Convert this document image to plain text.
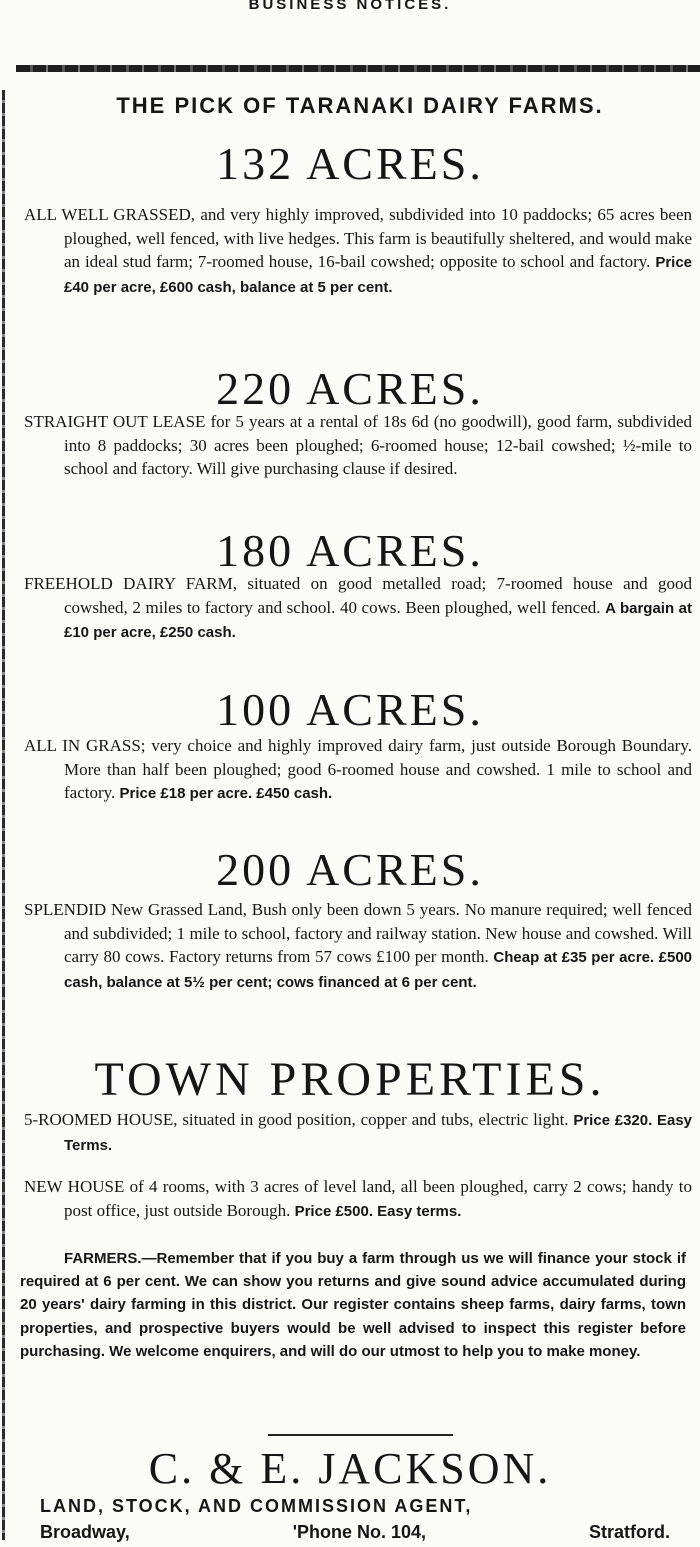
BUSINESS NOTICES.
THE PICK OF TARANAKI DAIRY FARMS.
132 ACRES.

ALL WELL GRASSED, and very highly improved, subdivided into 10 paddocks; 65 acres been ploughed, well fenced, with live hedges. This farm is beautifully sheltered, and would make an ideal stud farm; 7-roomed house, 16-bail cowshed; opposite to school and factory. Price £40 per acre, £600 cash, balance at 5 per cent.

220 ACRES.

STRAIGHT OUT LEASE for 5 years at a rental of 18s 6d (no goodwill), good farm, subdivided into 8 paddocks; 30 acres been ploughed; 6-roomed house; 12-bail cowshed; ½-mile to school and factory. Will give purchasing clause if desired.

180 ACRES.

FREEHOLD DAIRY FARM, situated on good metalled road; 7-roomed house and good cowshed, 2 miles to factory and school. 40 cows. Been ploughed, well fenced. A bargain at £10 per acre, £250 cash.

100 ACRES.

ALL IN GRASS; very choice and highly improved dairy farm, just outside Borough Boundary. More than half been ploughed; good 6-roomed house and cowshed. 1 mile to school and factory. Price £18 per acre. £450 cash.

200 ACRES.

SPLENDID New Grassed Land, Bush only been down 5 years. No manure required; well fenced and subdivided; 1 mile to school, factory and railway station. New house and cowshed. Will carry 80 cows. Factory returns from 57 cows £100 per month. Cheap at £35 per acre. £500 cash, balance at 5½ per cent; cows financed at 6 per cent.

TOWN PROPERTIES.

5-ROOMED HOUSE, situated in good position, copper and tubs, electric light. Price £320. Easy Terms.

NEW HOUSE of 4 rooms, with 3 acres of level land, all been ploughed, carry 2 cows; handy to post office, just outside Borough. Price £500. Easy terms.

FARMERS.—Remember that if you buy a farm through us we will finance your stock if required at 6 per cent. We can show you returns and give sound advice accumulated during 20 years' dairy farming in this district. Our register contains sheep farms, dairy farms, town properties, and prospective buyers would be well advised to inspect this register before purchasing. We welcome enquirers, and will do our utmost to help you to make money.

C. & E. JACKSON.
LAND, STOCK, AND COMMISSION AGENT,
Broadway,	'Phone No. 104,	Stratford.
